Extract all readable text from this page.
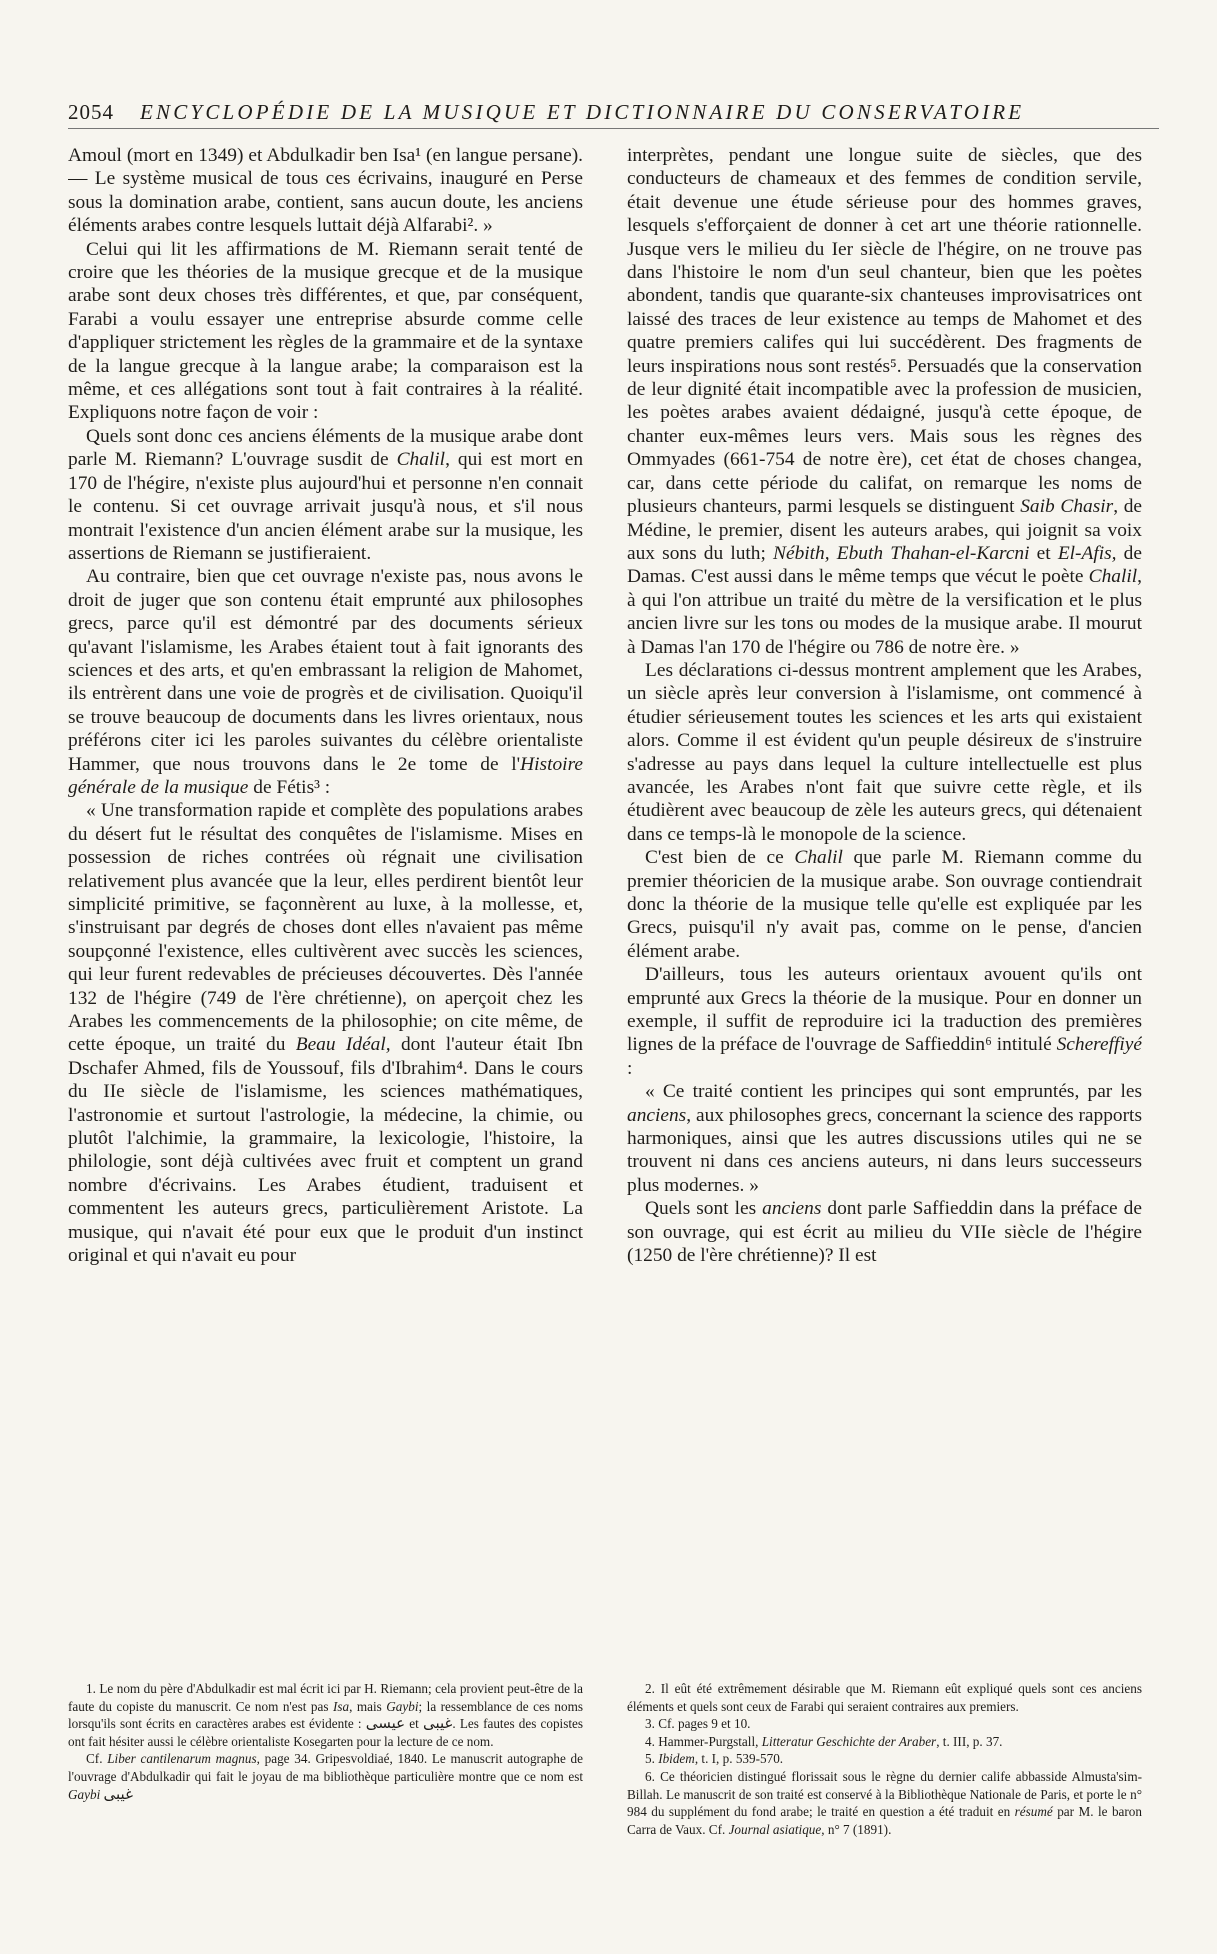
2054 ENCYCLOPÉDIE DE LA MUSIQUE ET DICTIONNAIRE DU CONSERVATOIRE

Amoul (mort en 1349) et Abdulkadir ben Isa¹ (en langue persane). — Le système musical de tous ces écrivains, inauguré en Perse sous la domination arabe, contient, sans aucun doute, les anciens éléments arabes contre lesquels luttait déjà Alfarabi². »

Celui qui lit les affirmations de M. Riemann serait tenté de croire que les théories de la musique grecque et de la musique arabe sont deux choses très différentes, et que, par conséquent, Farabi a voulu essayer une entreprise absurde comme celle d'appliquer strictement les règles de la grammaire et de la syntaxe de la langue grecque à la langue arabe; la comparaison est la même, et ces allégations sont tout à fait contraires à la réalité. Expliquons notre façon de voir :

Quels sont donc ces anciens éléments de la musique arabe dont parle M. Riemann? L'ouvrage susdit de Chalil, qui est mort en 170 de l'hégire, n'existe plus aujourd'hui et personne n'en connait le contenu. Si cet ouvrage arrivait jusqu'à nous, et s'il nous montrait l'existence d'un ancien élément arabe sur la musique, les assertions de Riemann se justifieraient.

Au contraire, bien que cet ouvrage n'existe pas, nous avons le droit de juger que son contenu était emprunté aux philosophes grecs, parce qu'il est démontré par des documents sérieux qu'avant l'islamisme, les Arabes étaient tout à fait ignorants des sciences et des arts, et qu'en embrassant la religion de Mahomet, ils entrèrent dans une voie de progrès et de civilisation. Quoiqu'il se trouve beaucoup de documents dans les livres orientaux, nous préférons citer ici les paroles suivantes du célèbre orientaliste Hammer, que nous trouvons dans le 2e tome de l'Histoire générale de la musique de Fétis³ :

« Une transformation rapide et complète des populations arabes du désert fut le résultat des conquêtes de l'islamisme. Mises en possession de riches contrées où régnait une civilisation relativement plus avancée que la leur, elles perdirent bientôt leur simplicité primitive, se façonnèrent au luxe, à la mollesse, et, s'instruisant par degrés de choses dont elles n'avaient pas même soupçonné l'existence, elles cultivèrent avec succès les sciences, qui leur furent redevables de précieuses découvertes. Dès l'année 132 de l'hégire (749 de l'ère chrétienne), on aperçoit chez les Arabes les commencements de la philosophie; on cite même, de cette époque, un traité du Beau Idéal, dont l'auteur était Ibn Dschafer Ahmed, fils de Youssouf, fils d'Ibrahim⁴. Dans le cours du IIe siècle de l'islamisme, les sciences mathématiques, l'astronomie et surtout l'astrologie, la médecine, la chimie, ou plutôt l'alchimie, la grammaire, la lexicologie, l'histoire, la philologie, sont déjà cultivées avec fruit et comptent un grand nombre d'écrivains. Les Arabes étudient, traduisent et commentent les auteurs grecs, particulièrement Aristote. La musique, qui n'avait été pour eux que le produit d'un instinct original et qui n'avait eu pour

interprètes, pendant une longue suite de siècles, que des conducteurs de chameaux et des femmes de condition servile, était devenue une étude sérieuse pour des hommes graves, lesquels s'efforçaient de donner à cet art une théorie rationnelle. Jusque vers le milieu du Ier siècle de l'hégire, on ne trouve pas dans l'histoire le nom d'un seul chanteur, bien que les poètes abondent, tandis que quarante-six chanteuses improvisatrices ont laissé des traces de leur existence au temps de Mahomet et des quatre premiers califes qui lui succédèrent. Des fragments de leurs inspirations nous sont restés⁵. Persuadés que la conservation de leur dignité était incompatible avec la profession de musicien, les poètes arabes avaient dédaigné, jusqu'à cette époque, de chanter eux-mêmes leurs vers. Mais sous les règnes des Ommyades (661-754 de notre ère), cet état de choses changea, car, dans cette période du califat, on remarque les noms de plusieurs chanteurs, parmi lesquels se distinguent Saib Chasir, de Médine, le premier, disent les auteurs arabes, qui joignit sa voix aux sons du luth; Nébith, Ebuth Thahan-el-Karcni et El-Afis, de Damas. C'est aussi dans le même temps que vécut le poète Chalil, à qui l'on attribue un traité du mètre de la versification et le plus ancien livre sur les tons ou modes de la musique arabe. Il mourut à Damas l'an 170 de l'hégire ou 786 de notre ère. »

Les déclarations ci-dessus montrent amplement que les Arabes, un siècle après leur conversion à l'islamisme, ont commencé à étudier sérieusement toutes les sciences et les arts qui existaient alors. Comme il est évident qu'un peuple désireux de s'instruire s'adresse au pays dans lequel la culture intellectuelle est plus avancée, les Arabes n'ont fait que suivre cette règle, et ils étudièrent avec beaucoup de zèle les auteurs grecs, qui détenaient dans ce temps-là le monopole de la science.

C'est bien de ce Chalil que parle M. Riemann comme du premier théoricien de la musique arabe. Son ouvrage contiendrait donc la théorie de la musique telle qu'elle est expliquée par les Grecs, puisqu'il n'y avait pas, comme on le pense, d'ancien élément arabe.

D'ailleurs, tous les auteurs orientaux avouent qu'ils ont emprunté aux Grecs la théorie de la musique. Pour en donner un exemple, il suffit de reproduire ici la traduction des premières lignes de la préface de l'ouvrage de Saffieddin⁶ intitulé Schereffiyé :

« Ce traité contient les principes qui sont empruntés, par les anciens, aux philosophes grecs, concernant la science des rapports harmoniques, ainsi que les autres discussions utiles qui ne se trouvent ni dans ces anciens auteurs, ni dans leurs successeurs plus modernes. »

Quels sont les anciens dont parle Saffieddin dans la préface de son ouvrage, qui est écrit au milieu du VIIe siècle de l'hégire (1250 de l'ère chrétienne)? Il est

1. Le nom du père d'Abdulkadir est mal écrit ici par H. Riemann; cela provient peut-être de la faute du copiste du manuscrit. Ce nom n'est pas Isa, mais Gaybi; la ressemblance de ces noms lorsqu'ils sont écrits en caractères arabes est évidente : عيسى et غيبى. Les fautes des copistes ont fait hésiter aussi le célèbre orientaliste Kosegarten pour la lecture de ce nom.

Cf. Liber cantilenarum magnus, page 34. Gripesvoldiaé, 1840. Le manuscrit autographe de l'ouvrage d'Abdulkadir qui fait le joyau de ma bibliothèque particulière montre que ce nom est Gaybi غيبى

2. Il eût été extrêmement désirable que M. Riemann eût expliqué quels sont ces anciens éléments et quels sont ceux de Farabi qui seraient contraires aux premiers.

3. Cf. pages 9 et 10.

4. Hammer-Purgstall, Litteratur Geschichte der Araber, t. III, p. 37.

5. Ibidem, t. I, p. 539-570.

6. Ce théoricien distingué florissait sous le règne du dernier calife abbasside Almusta'sim-Billah. Le manuscrit de son traité est conservé à la Bibliothèque Nationale de Paris, et porte le n° 984 du supplément du fond arabe; le traité en question a été traduit en résumé par M. le baron Carra de Vaux. Cf. Journal asiatique, n° 7 (1891).
